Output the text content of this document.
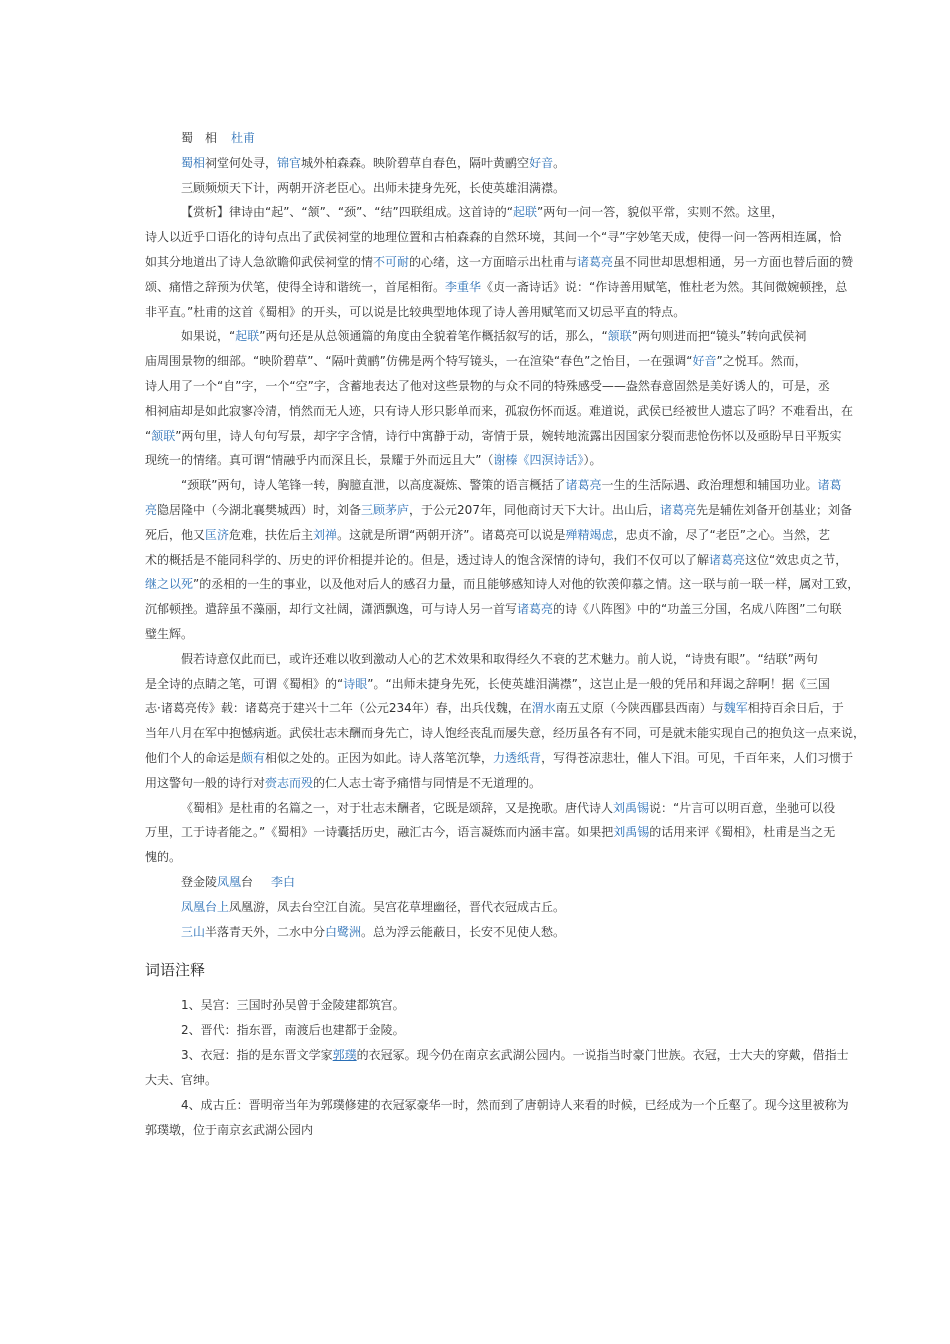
蜀　相 杜甫
蜀相祠堂何处寻，锦官城外柏森森。映阶碧草自春色，隔叶黄鹂空好音。
三顾频烦天下计，两朝开济老臣心。出师未捷身先死，长使英雄泪满襟。
【赏析】律诗由“起”、“颔”、“颈”、“结”四联组成。这首诗的“起联”两句一问一答，貌似平常，实则不然。这里，
诗人以近乎口语化的诗句点出了武侯祠堂的地理位置和古柏森森的自然环境，其间一个“寻”字妙笔天成，使得一问一答两相连属，恰
如其分地道出了诗人急欲瞻仰武侯祠堂的情不可耐的心绪，这一方面暗示出杜甫与诸葛亮虽不同世却思想相通，另一方面也替后面的赞
颂、痛惜之辞预为伏笔，使得全诗和谐统一，首尾相衔。李重华《贞一斋诗话》说：“作诗善用赋笔，惟杜老为然。其间微婉顿挫，总
非平直。”杜甫的这首《蜀相》的开头，可以说是比较典型地体现了诗人善用赋笔而又切忌平直的特点。
如果说，“起联”两句还是从总领通篇的角度由全貌着笔作概括叙写的话，那么，“颔联”两句则进而把“镜头”转向武侯祠
庙周围景物的细部。“映阶碧草”、“隔叶黄鹂”仿佛是两个特写镜头，一在渲染“春色”之怡目，一在强调“好音”之悦耳。然而，
诗人用了一个“自”字，一个“空”字，含蓄地表达了他对这些景物的与众不同的特殊感受——盎然春意固然是美好诱人的，可是，丞
相祠庙却是如此寂寥冷清，悄然而无人迹，只有诗人形只影单而来，孤寂伤怀而返。难道说，武侯已经被世人遗忘了吗？不难看出，在
“颔联”两句里，诗人句句写景，却字字含情，诗行中寓静于动，寄情于景，婉转地流露出因国家分裂而悲怆伤怀以及亟盼早日平叛实
现统一的情绪。真可谓“情融乎内而深且长，景耀于外而远且大”（谢榛《四溟诗话》）。
“颈联”两句，诗人笔锋一转，胸臆直泄，以高度凝炼、警策的语言概括了诸葛亮一生的生活际遇、政治理想和辅国功业。诸葛
亮隐居隆中（今湖北襄樊城西）时，刘备三顾茅庐，于公元207年，同他商讨天下大计。出山后，诸葛亮先是辅佐刘备开创基业；刘备
死后，他又匡济危难，扶佐后主刘禅。这就是所谓“两朝开济”。诸葛亮可以说是殚精竭虑，忠贞不渝，尽了“老臣”之心。当然，艺
术的概括是不能同科学的、历史的评价相提并论的。但是，透过诗人的饱含深情的诗句，我们不仅可以了解诸葛亮这位“效忠贞之节，
继之以死”的丞相的一生的事业，以及他对后人的感召力量，而且能够感知诗人对他的钦羡仰慕之情。这一联与前一联一样，属对工致，
沉郁顿挫。遣辞虽不藻丽，却行文社阔，潇洒飘逸，可与诗人另一首写诸葛亮的诗《八阵图》中的“功盖三分国，名成八阵图”二句联
璧生辉。
假若诗意仅此而已，或许还难以收到激动人心的艺术效果和取得经久不衰的艺术魅力。前人说，“诗贵有眼”。“结联”两句
是全诗的点睛之笔，可谓《蜀相》的“诗眼”。“出师未捷身先死，长使英雄泪满襟”，这岂止是一般的凭吊和拜谒之辞啊！据《三国
志·诸葛亮传》载：诸葛亮于建兴十二年（公元234年）春，出兵伐魏，在渭水南五丈原（今陕西郿县西南）与魏军相持百余日后，于
当年八月在军中抱憾病逝。武侯壮志未酬而身先亡，诗人饱经丧乱而屡失意，经历虽各有不同，可是就未能实现自己的抱负这一点来说，
他们个人的命运是颇有相似之处的。正因为如此。诗人落笔沉挚，力透纸背，写得苍凉悲壮，催人下泪。可见，千百年来，人们习惯于
用这警句一般的诗行对赍志而殁的仁人志士寄予痛惜与同情是不无道理的。
《蜀相》是杜甫的名篇之一，对于壮志未酬者，它既是颂辞，又是挽歌。唐代诗人刘禹锡说：“片言可以明百意，坐驰可以役
万里，工于诗者能之。”《蜀相》一诗囊括历史，融汇古今，语言凝炼而内涵丰富。如果把刘禹锡的话用来评《蜀相》，杜甫是当之无
愧的。
登金陵凤凰台 李白
凤凰台上凤凰游，凤去台空江自流。吴宫花草埋幽径，晋代衣冠成古丘。
三山半落青天外，二水中分白鹭洲。总为浮云能蔽日，长安不见使人愁。
词语注释
1、吴宫：三国时孙吴曾于金陵建都筑宫。
2、晋代：指东晋，南渡后也建都于金陵。
3、衣冠：指的是东晋文学家郭璞的衣冠冢。现今仍在南京玄武湖公园内。一说指当时豪门世族。衣冠，士大夫的穿戴，借指士
大夫、官绅。
4、成古丘：晋明帝当年为郭璞修建的衣冠冢豪华一时，然而到了唐朝诗人来看的时候，已经成为一个丘壑了。现今这里被称为
郭璞墩，位于南京玄武湖公园内
